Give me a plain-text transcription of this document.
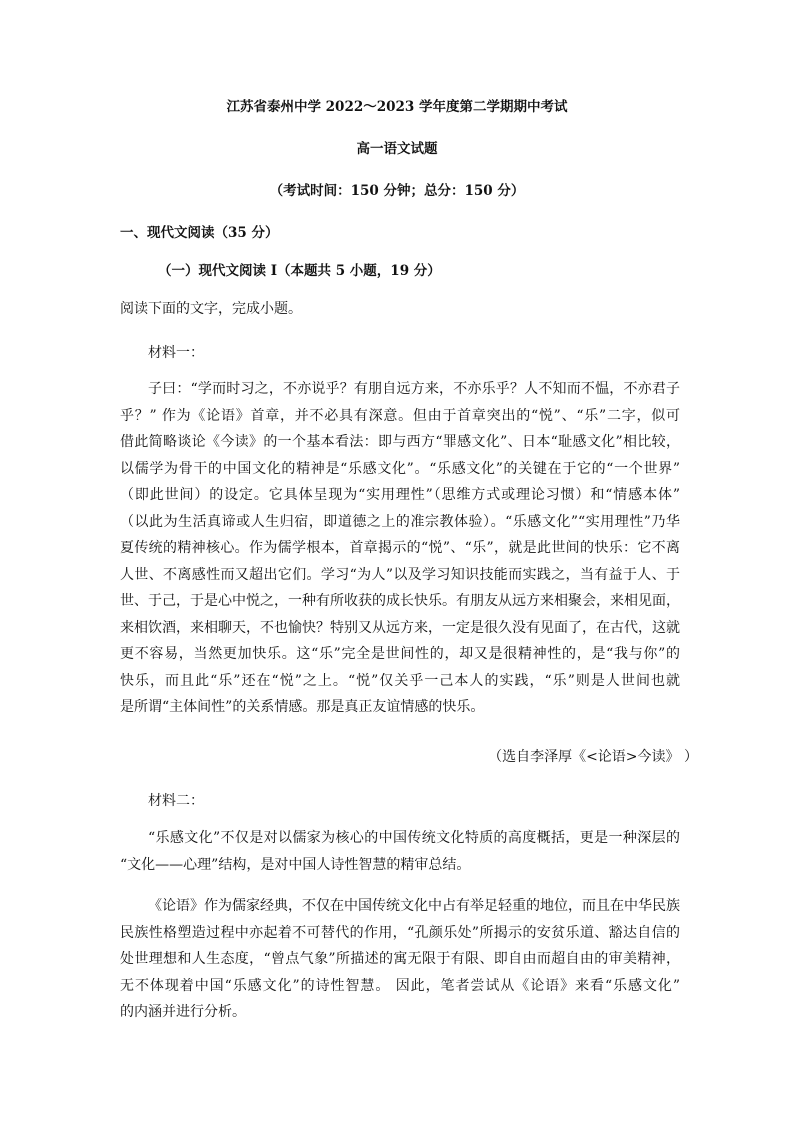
江苏省泰州中学 2022～2023 学年度第二学期期中考试
高一语文试题
（考试时间：150 分钟；总分：150 分）
一、现代文阅读（35 分）
（一）现代文阅读 I（本题共 5 小题，19 分）
阅读下面的文字，完成小题。
材料一：
子曰：“学而时习之，不亦说乎？有朋自远方来，不亦乐乎？人不知而不愠，不亦君子
乎？” 作为《论语》首章，并不必具有深意。但由于首章突出的“悦”、“乐”二字，似可
借此简略谈论《今读》的一个基本看法：即与西方“罪感文化”、日本“耻感文化”相比较，
以儒学为骨干的中国文化的精神是“乐感文化”。“乐感文化”的关键在于它的“一个世界”
（即此世间）的设定。它具体呈现为“实用理性”（思维方式或理论习惯）和“情感本体”
（以此为生活真谛或人生归宿，即道德之上的准宗教体验）。“乐感文化”“实用理性”乃华
夏传统的精神核心。作为儒学根本，首章揭示的“悦”、“乐”，就是此世间的快乐：它不离
人世、不离感性而又超出它们。学习“为人”以及学习知识技能而实践之，当有益于人、于
世、于己，于是心中悦之，一种有所收获的成长快乐。有朋友从远方来相聚会，来相见面，
来相饮酒，来相聊天，不也愉快？特别又从远方来，一定是很久没有见面了，在古代，这就
更不容易，当然更加快乐。这“乐”完全是世间性的，却又是很精神性的，是“我与你”的
快乐，而且此“乐”还在“悦”之上。“悦”仅关乎一己本人的实践，“乐”则是人世间也就
是所谓“主体间性”的关系情感。那是真正友谊情感的快乐。
（选自李泽厚《<论语>今读》 ）
材料二：
“乐感文化”不仅是对以儒家为核心的中国传统文化特质的高度概括，更是一种深层的
“文化——心理”结构，是对中国人诗性智慧的精审总结。
《论语》作为儒家经典，不仅在中国传统文化中占有举足轻重的地位，而且在中华民族
民族性格塑造过程中亦起着不可替代的作用，“孔颜乐处”所揭示的安贫乐道、豁达自信的
处世理想和人生态度，“曾点气象”所描述的寓无限于有限、即自由而超自由的审美精神，
无不体现着中国“乐感文化”的诗性智慧。 因此，笔者尝试从《论语》来看“乐感文化”
的内涵并进行分析。
